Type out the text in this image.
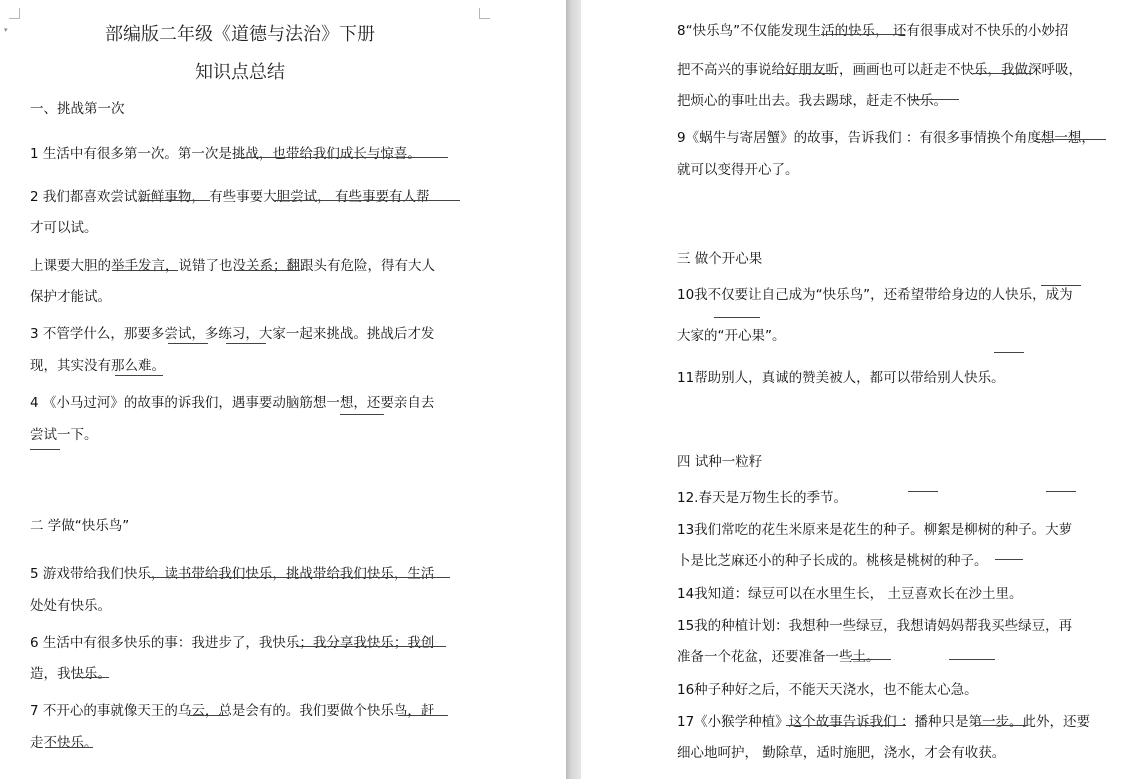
▾	部编版二年级《道德与法治》下册
知识点总结
一、挑战第一次
1 生活中有很多第一次。第一次是挑战，也带给我们成长与惊喜。
2 我们都喜欢尝试新鲜事物， 有些事要大胆尝试， 有些事要有人帮
才可以试。
上课要大胆的举手发言，说错了也没关系；翻跟头有危险，得有大人
保护才能试。
3 不管学什么，那要多尝试，多练习，大家一起来挑战。挑战后才发
现，其实没有那么难。
4 《小马过河》的故事的诉我们，遇事要动脑筋想一想，还要亲自去
尝试一下。
二 学做“快乐鸟”
5 游戏带给我们快乐，读书带给我们快乐，挑战带给我们快乐，生活
处处有快乐。
6 生活中有很多快乐的事：我进步了，我快乐；我分享我快乐；我创
造，我快乐。
7 不开心的事就像天王的乌云，总是会有的。我们要做个快乐鸟，赶
走不快乐。
8“快乐鸟”不仅能发现生活的快乐， 还有很事成对不快乐的小妙招
把不高兴的事说给好朋友听，画画也可以赶走不快乐，我做深呼吸，
把烦心的事吐出去。我去踢球，赶走不快乐。
9《蜗牛与寄居蟹》的故事，告诉我们 ：有很多事情换个角度想一想，
就可以变得开心了。
三 做个开心果
10我不仅要让自己成为“快乐鸟”，还希望带给身边的人快乐，成为
大家的“开心果”。
11帮助别人，真诚的赞美被人，都可以带给别人快乐。
四 试种一粒籽
12.春天是万物生长的季节。
13我们常吃的花生米原来是花生的种子。柳絮是柳树的种子。大萝
卜是比芝麻还小的种子长成的。桃核是桃树的种子。
14我知道：绿豆可以在水里生长， 土豆喜欢长在沙土里。
15我的种植计划：我想种一些绿豆，我想请妈妈帮我买些绿豆，再
准备一个花盆，还要准备一些土。
16种子种好之后，不能天天浇水，也不能太心急。
17《小猴学种植》这个故事告诉我们 ：播种只是第一步。此外，还要
细心地呵护， 勤除草，适时施肥，浇水，才会有收获。
